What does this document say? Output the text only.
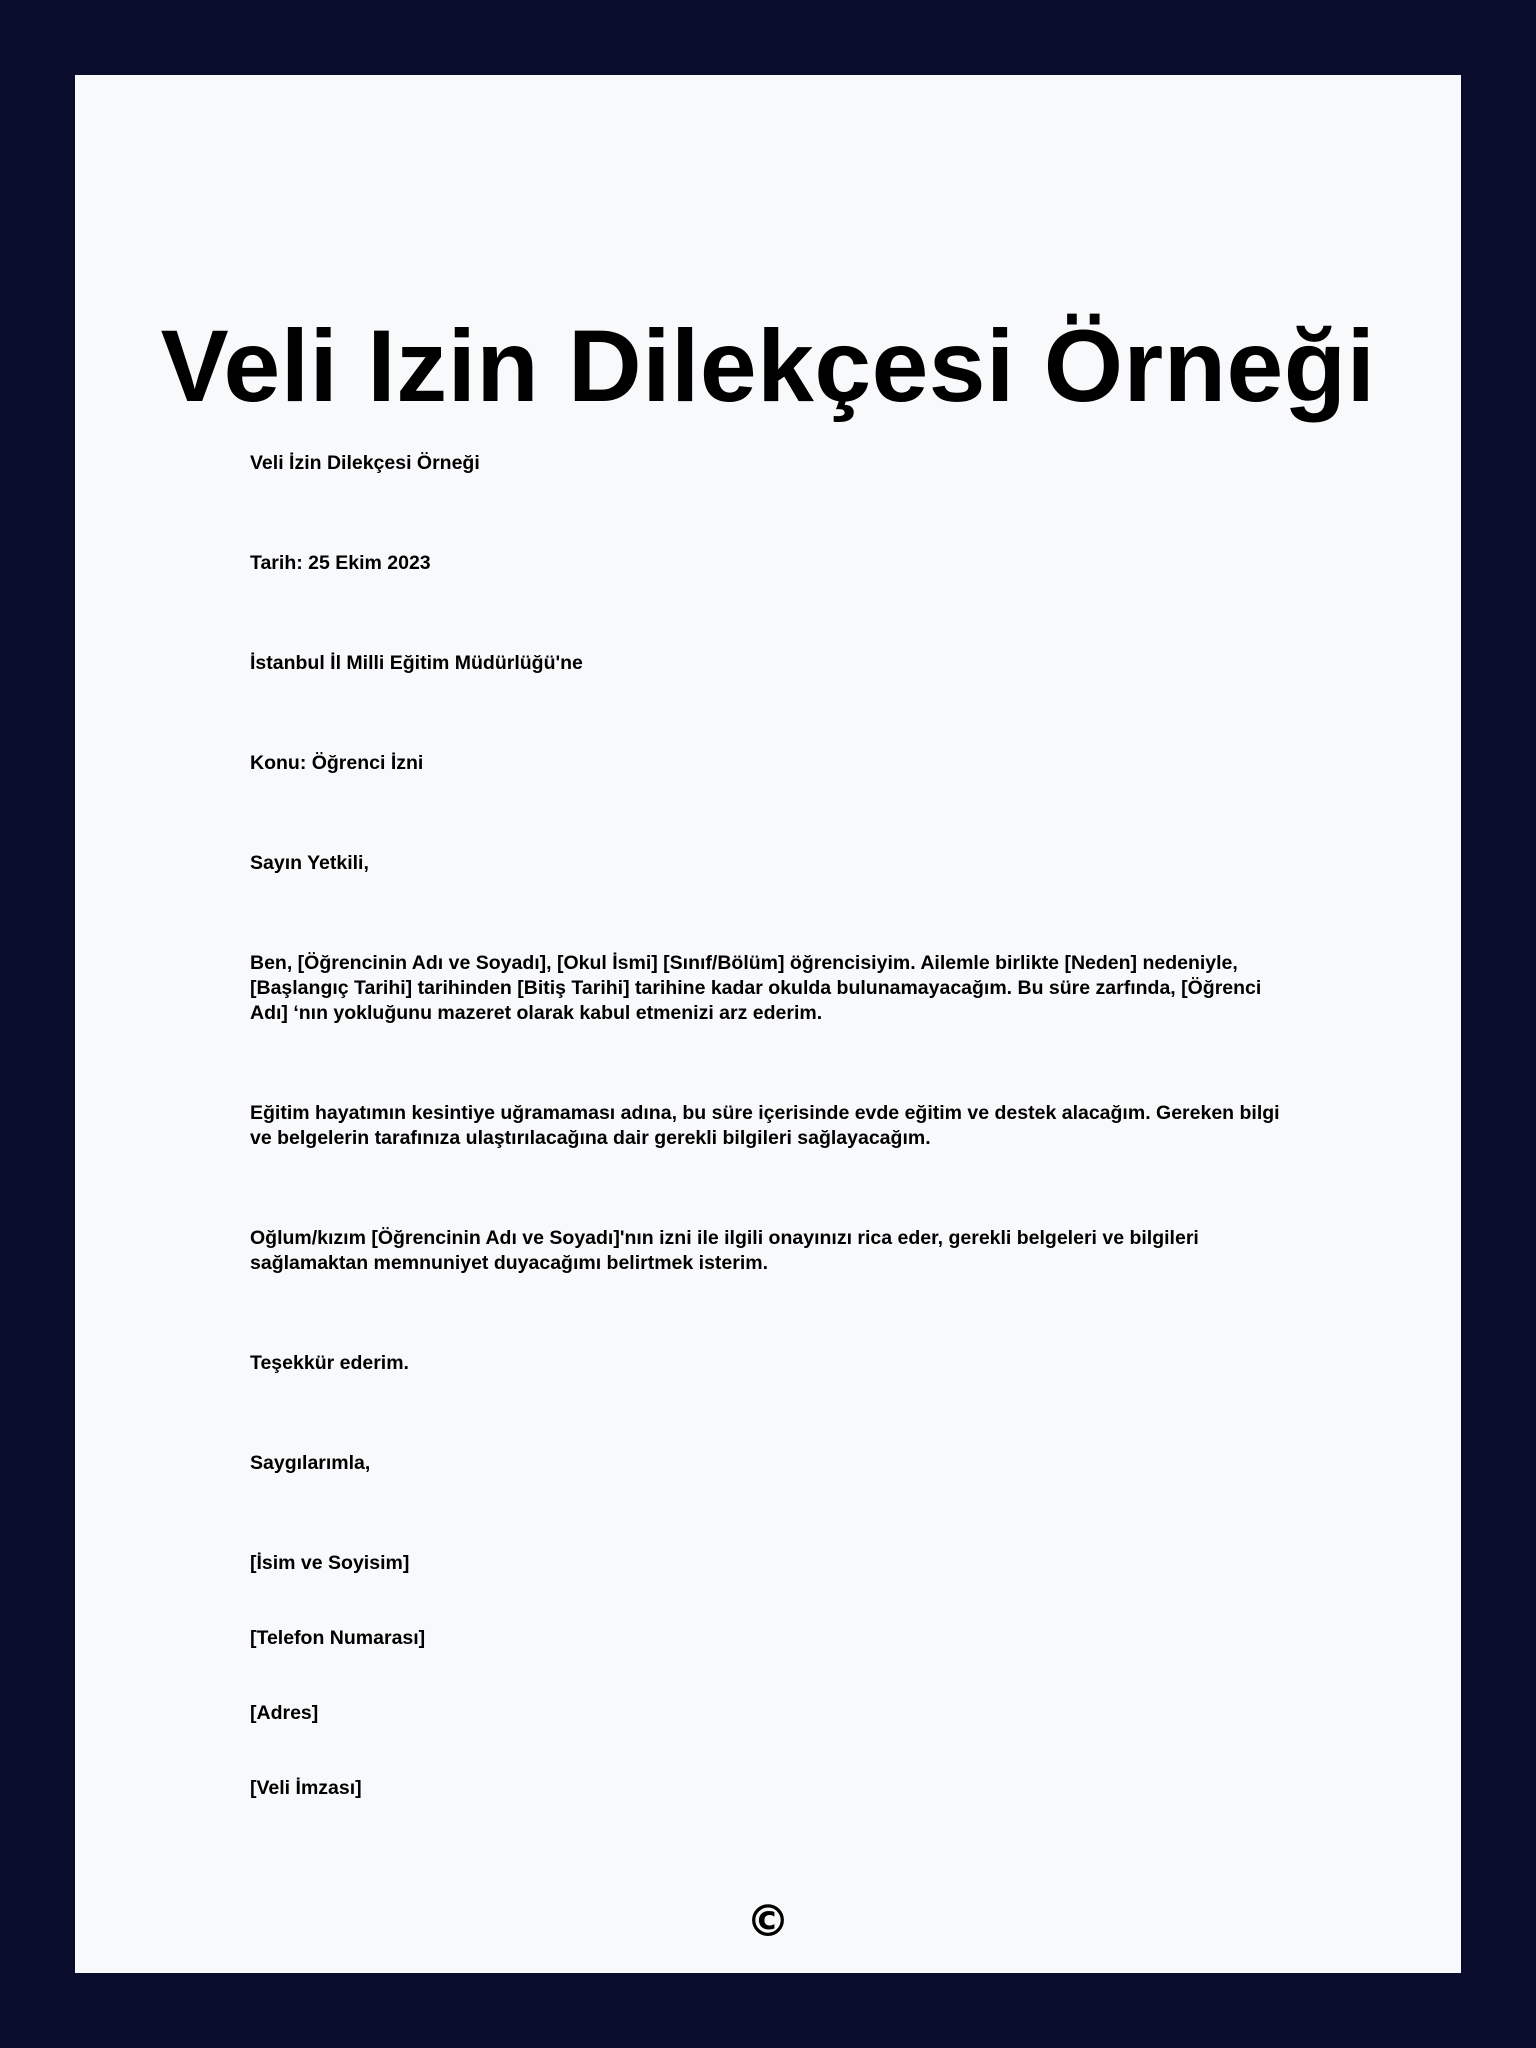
Veli Izin Dilekçesi Örneği

Veli İzin Dilekçesi Örneği

Tarih: 25 Ekim 2023

İstanbul İl Milli Eğitim Müdürlüğü'ne

Konu: Öğrenci İzni

Sayın Yetkili,

Ben, [Öğrencinin Adı ve Soyadı], [Okul İsmi] [Sınıf/Bölüm] öğrencisiyim. Ailemle birlikte [Neden] nedeniyle, [Başlangıç Tarihi] tarihinden [Bitiş Tarihi] tarihine kadar okulda bulunamayacağım. Bu süre zarfında, [Öğrenci Adı] ‘nın yokluğunu mazeret olarak kabul etmenizi arz ederim.

Eğitim hayatımın kesintiye uğramaması adına, bu süre içerisinde evde eğitim ve destek alacağım. Gereken bilgi ve belgelerin tarafınıza ulaştırılacağına dair gerekli bilgileri sağlayacağım.

Oğlum/kızım [Öğrencinin Adı ve Soyadı]'nın izni ile ilgili onayınızı rica eder, gerekli belgeleri ve bilgileri sağlamaktan memnuniyet duyacağımı belirtmek isterim.

Teşekkür ederim.

Saygılarımla,

[İsim ve Soyisim]

[Telefon Numarası]

[Adres]

[Veli İmzası]

©
